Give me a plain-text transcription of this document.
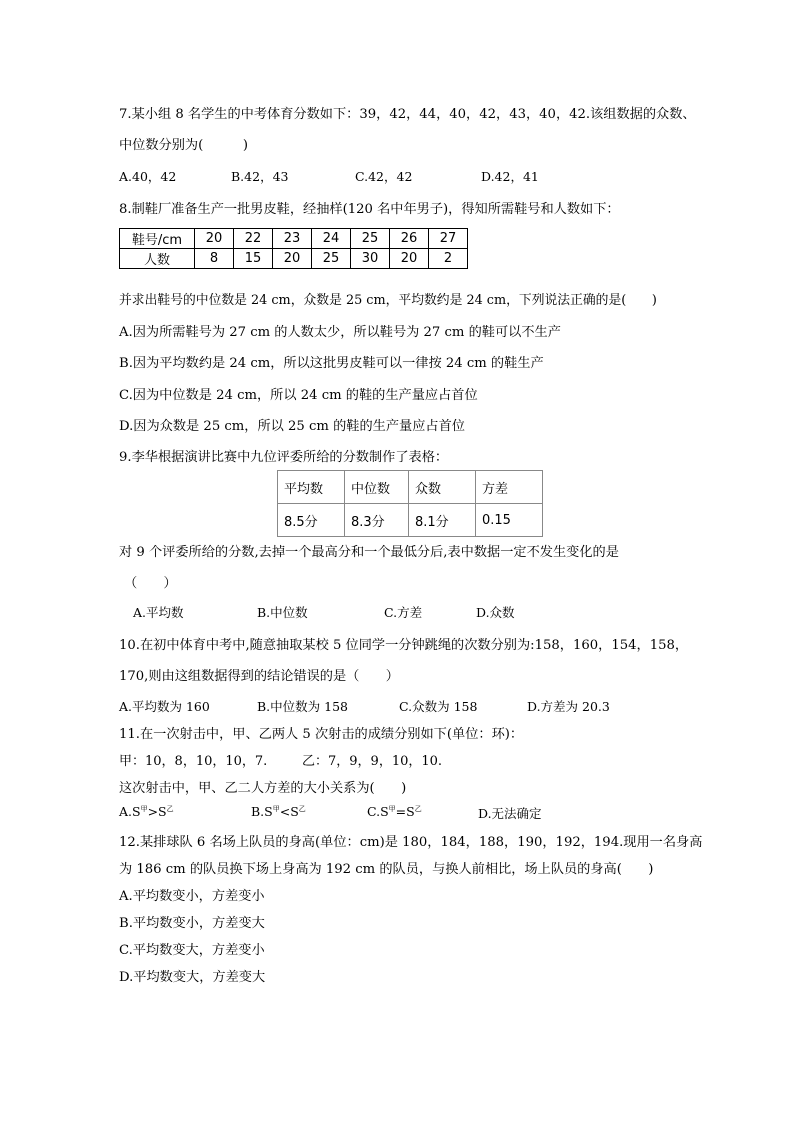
7.某小组 8 名学生的中考体育分数如下：39，42，44，40，42，43，40，42.该组数据的众数、
中位数分别为(　　　)
A.40，42	B.42，43	C.42，42	D.42，41
8.制鞋厂准备生产一批男皮鞋，经抽样(120 名中年男子)，得知所需鞋号和人数如下：
鞋号/cm	20	22	23	24	25	26	27
人数	8	15	20	25	30	20	2
并求出鞋号的中位数是 24 cm，众数是 25 cm，平均数约是 24 cm，下列说法正确的是(　　)
A.因为所需鞋号为 27 cm 的人数太少，所以鞋号为 27 cm 的鞋可以不生产
B.因为平均数约是 24 cm，所以这批男皮鞋可以一律按 24 cm 的鞋生产
C.因为中位数是 24 cm，所以 24 cm 的鞋的生产量应占首位
D.因为众数是 25 cm，所以 25 cm 的鞋的生产量应占首位
9.李华根据演讲比赛中九位评委所给的分数制作了表格：
平均数	中位数	众数	方差
8.5分	8.3分	8.1分	0.15
对 9 个评委所给的分数,去掉一个最高分和一个最低分后,表中数据一定不发生变化的是
（　　）
A.平均数	B.中位数	C.方差	D.众数
10.在初中体育中考中,随意抽取某校 5 位同学一分钟跳绳的次数分别为:158，160，154，158，
170,则由这组数据得到的结论错误的是（　　）
A.平均数为 160	B.中位数为 158	C.众数为 158	D.方差为 20.3
11.在一次射击中，甲、乙两人 5 次射击的成绩分别如下(单位：环)：
甲：10，8，10，10，7.	乙：7，9，9，10，10.
这次射击中，甲、乙二人方差的大小关系为(　　)
$A.S^甲>S^乙$	$B.S^甲<S^乙$	$C.S^甲=S^乙$	D.无法确定
12.某排球队 6 名场上队员的身高(单位：cm)是 180，184，188，190，192，194.现用一名身高
为 186 cm 的队员换下场上身高为 192 cm 的队员，与换人前相比，场上队员的身高(　　)
A.平均数变小，方差变小
B.平均数变小，方差变大
C.平均数变大，方差变小
D.平均数变大，方差变大
